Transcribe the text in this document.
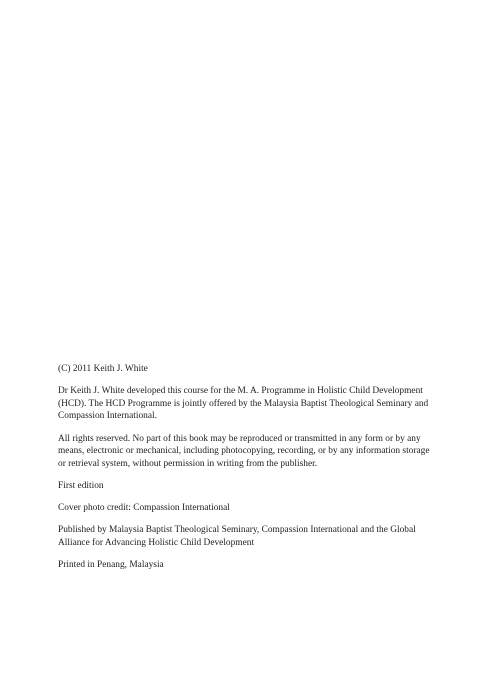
(C) 2011 Keith J. White

Dr Keith J. White developed this course for the M. A. Programme in Holistic Child Development (HCD). The HCD Programme is jointly offered by the Malaysia Baptist Theological Seminary and Compassion International.

All rights reserved. No part of this book may be reproduced or transmitted in any form or by any means, electronic or mechanical, including photocopying, recording, or by any information storage or retrieval system, without permission in writing from the publisher.

First edition

Cover photo credit: Compassion International

Published by Malaysia Baptist Theological Seminary, Compassion International and the Global Alliance for Advancing Holistic Child Development

Printed in Penang, Malaysia
